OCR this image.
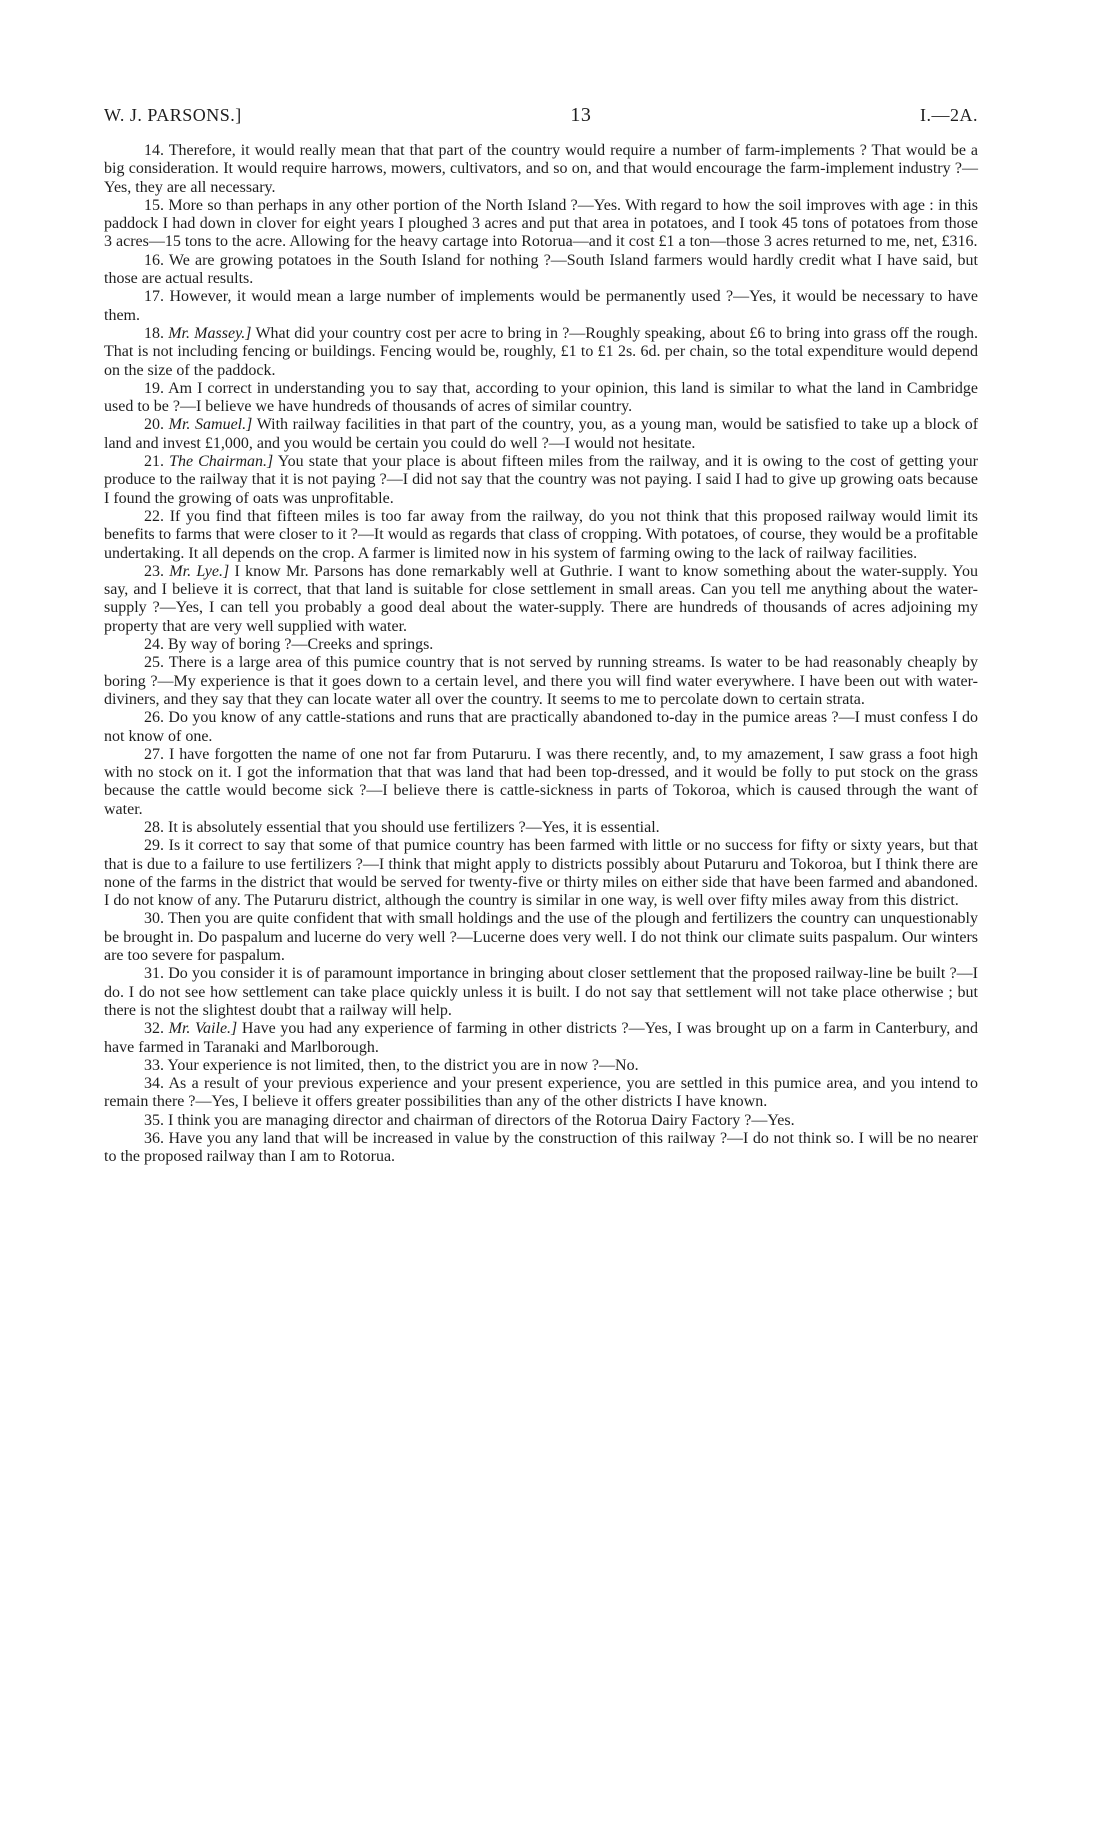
W. J. PARSONS.]	13	I.—2A.

14. Therefore, it would really mean that that part of the country would require a number of farm-implements ? That would be a big consideration. It would require harrows, mowers, cultivators, and so on, and that would encourage the farm-implement industry ?—Yes, they are all necessary.

15. More so than perhaps in any other portion of the North Island ?—Yes. With regard to how the soil improves with age : in this paddock I had down in clover for eight years I ploughed 3 acres and put that area in potatoes, and I took 45 tons of potatoes from those 3 acres—15 tons to the acre. Allowing for the heavy cartage into Rotorua—and it cost £1 a ton—those 3 acres returned to me, net, £316.

16. We are growing potatoes in the South Island for nothing ?—South Island farmers would hardly credit what I have said, but those are actual results.

17. However, it would mean a large number of implements would be permanently used ?—Yes, it would be necessary to have them.

18. Mr. Massey.] What did your country cost per acre to bring in ?—Roughly speaking, about £6 to bring into grass off the rough. That is not including fencing or buildings. Fencing would be, roughly, £1 to £1 2s. 6d. per chain, so the total expenditure would depend on the size of the paddock.

19. Am I correct in understanding you to say that, according to your opinion, this land is similar to what the land in Cambridge used to be ?—I believe we have hundreds of thousands of acres of similar country.

20. Mr. Samuel.] With railway facilities in that part of the country, you, as a young man, would be satisfied to take up a block of land and invest £1,000, and you would be certain you could do well ?—I would not hesitate.

21. The Chairman.] You state that your place is about fifteen miles from the railway, and it is owing to the cost of getting your produce to the railway that it is not paying ?—I did not say that the country was not paying. I said I had to give up growing oats because I found the growing of oats was unprofitable.

22. If you find that fifteen miles is too far away from the railway, do you not think that this proposed railway would limit its benefits to farms that were closer to it ?—It would as regards that class of cropping. With potatoes, of course, they would be a profitable undertaking. It all depends on the crop. A farmer is limited now in his system of farming owing to the lack of railway facilities.

23. Mr. Lye.] I know Mr. Parsons has done remarkably well at Guthrie. I want to know something about the water-supply. You say, and I believe it is correct, that that land is suitable for close settlement in small areas. Can you tell me anything about the water-supply ?—Yes, I can tell you probably a good deal about the water-supply. There are hundreds of thousands of acres adjoining my property that are very well supplied with water.

24. By way of boring ?—Creeks and springs.

25. There is a large area of this pumice country that is not served by running streams. Is water to be had reasonably cheaply by boring ?—My experience is that it goes down to a certain level, and there you will find water everywhere. I have been out with water-diviners, and they say that they can locate water all over the country. It seems to me to percolate down to certain strata.

26. Do you know of any cattle-stations and runs that are practically abandoned to-day in the pumice areas ?—I must confess I do not know of one.

27. I have forgotten the name of one not far from Putaruru. I was there recently, and, to my amazement, I saw grass a foot high with no stock on it. I got the information that that was land that had been top-dressed, and it would be folly to put stock on the grass because the cattle would become sick ?—I believe there is cattle-sickness in parts of Tokoroa, which is caused through the want of water.

28. It is absolutely essential that you should use fertilizers ?—Yes, it is essential.

29. Is it correct to say that some of that pumice country has been farmed with little or no success for fifty or sixty years, but that that is due to a failure to use fertilizers ?—I think that might apply to districts possibly about Putaruru and Tokoroa, but I think there are none of the farms in the district that would be served for twenty-five or thirty miles on either side that have been farmed and abandoned. I do not know of any. The Putaruru district, although the country is similar in one way, is well over fifty miles away from this district.

30. Then you are quite confident that with small holdings and the use of the plough and fertilizers the country can unquestionably be brought in. Do paspalum and lucerne do very well ?—Lucerne does very well. I do not think our climate suits paspalum. Our winters are too severe for paspalum.

31. Do you consider it is of paramount importance in bringing about closer settlement that the proposed railway-line be built ?—I do. I do not see how settlement can take place quickly unless it is built. I do not say that settlement will not take place otherwise ; but there is not the slightest doubt that a railway will help.

32. Mr. Vaile.] Have you had any experience of farming in other districts ?—Yes, I was brought up on a farm in Canterbury, and have farmed in Taranaki and Marlborough.

33. Your experience is not limited, then, to the district you are in now ?—No.

34. As a result of your previous experience and your present experience, you are settled in this pumice area, and you intend to remain there ?—Yes, I believe it offers greater possibilities than any of the other districts I have known.

35. I think you are managing director and chairman of directors of the Rotorua Dairy Factory ?—Yes.

36. Have you any land that will be increased in value by the construction of this railway ?—I do not think so. I will be no nearer to the proposed railway than I am to Rotorua.
